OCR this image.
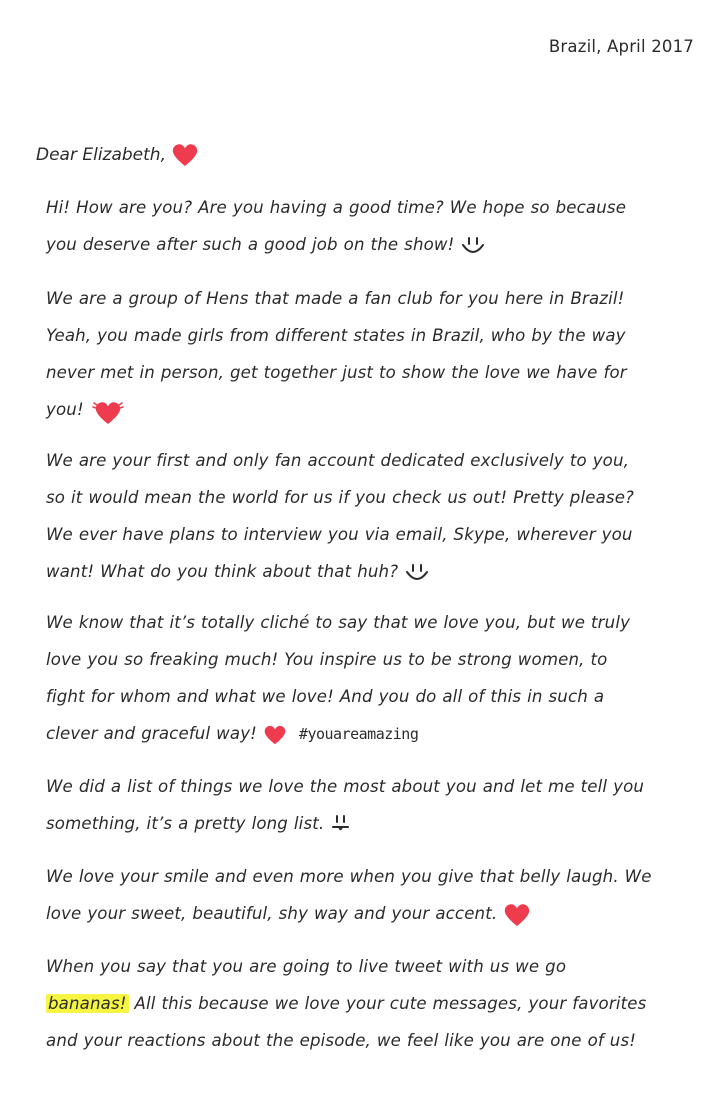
Brazil, April 2017
Dear Elizabeth,
Hi! How are you? Are you having a good time? We hope so because
you deserve after such a good job on the show!
We are a group of Hens that made a fan club for you here in Brazil!
Yeah, you made girls from different states in Brazil, who by the way
never met in person, get together just to show the love we have for
you!
We are your first and only fan account dedicated exclusively to you,
so it would mean the world for us if you check us out! Pretty please?
We ever have plans to interview you via email, Skype, wherever you
want! What do you think about that huh?
We know that it’s totally cliché to say that we love you, but we truly
love you so freaking much! You inspire us to be strong women, to
fight for whom and what we love! And you do all of this in such a
clever and graceful way!	#youareamazing
We did a list of things we love the most about you and let me tell you
something, it’s a pretty long list.
We love your smile and even more when you give that belly laugh. We
love your sweet, beautiful, shy way and your accent.
When you say that you are going to live tweet with us we go
bananas! All this because we love your cute messages, your favorites
and your reactions about the episode, we feel like you are one of us!
